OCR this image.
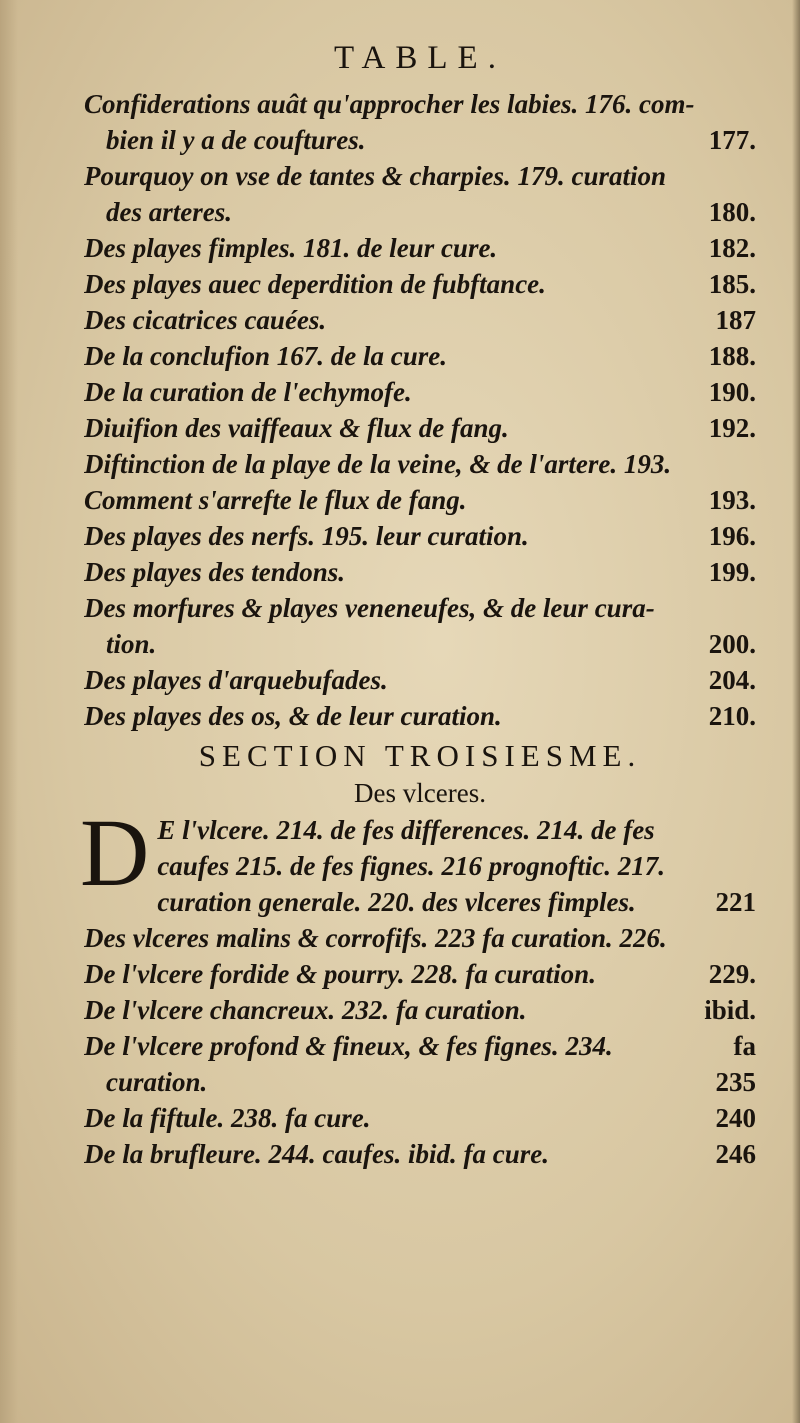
TABLE.
Confiderations auât qu'approcher les labies. 176. com-
bien il y a de couftures.	177.
Pourquoy on vse de tantes & charpies. 179. curation
des arteres.	180.
Des playes fimples. 181. de leur cure.	182.
Des playes auec deperdition de fubftance.	185.
Des cicatrices cauées.	187
De la conclufion 167. de la cure.	188.
De la curation de l'echymofe.	190.
Diuifion des vaiffeaux & flux de fang.	192.
Diftinction de la playe de la veine, & de l'artere. 193.
Comment s'arrefte le flux de fang.	193.
Des playes des nerfs. 195. leur curation.	196.
Des playes des tendons.	199.
Des morfures & playes veneneufes, & de leur cura-
tion.	200.
Des playes d'arquebufades.	204.
Des playes des os, & de leur curation.	210.
SECTION TROISIESME.
Des vlceres.
D E l'vlcere. 214. de fes differences. 214. de fes
caufes 215. de fes fignes. 216 prognoftic. 217.
curation generale. 220. des vlceres fimples.	221
Des vlceres malins & corrofifs. 223 fa curation. 226.
De l'vlcere fordide & pourry. 228. fa curation.	229.
De l'vlcere chancreux. 232. fa curation.	ibid.
De l'vlcere profond & fineux, & fes fignes. 234.	fa
curation.	235
De la fiftule. 238. fa cure.	240
De la brufleure. 244. caufes. ibid. fa cure.	246
